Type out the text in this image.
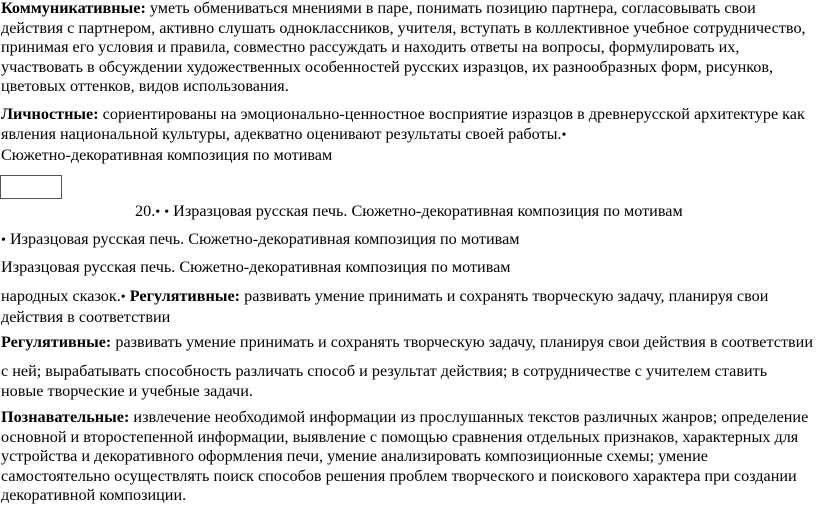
Коммуникативные: уметь обмениваться мнениями в паре, понимать позицию партнера, согласовывать свои действия с партнером, активно слушать одноклассников, учителя, вступать в коллективное учебное сотрудничество, принимая его условия и правила, совместно рассуждать и находить ответы на вопросы, формулировать их, участвовать в обсуждении художественных особенностей русских изразцов, их разнообразных форм, рисунков, цветовых оттенков, видов использования.

Личностные: сориентированы на эмоционально-ценностное восприятие изразцов в древнерусской архитектуре как явления национальной культуры, адекватно оценивают результаты своей работы.•

Сюжетно-декоративная композиция по мотивам

20.• • Изразцовая русская печь. Сюжетно-декоративная композиция по мотивам

• Изразцовая русская печь. Сюжетно-декоративная композиция по мотивам

Изразцовая русская печь. Сюжетно-декоративная композиция по мотивам

народных сказок.• Регулятивные: развивать умение принимать и сохранять творческую задачу, планируя свои действия в соответствии

Регулятивные: развивать умение принимать и сохранять творческую задачу, планируя свои действия в соответствии

с ней; вырабатывать способность различать способ и результат действия; в сотрудничестве с учителем ставить новые творческие и учебные задачи.

Познавательные: извлечение необходимой информации из прослушанных текстов различных жанров; определение основной и второстепенной информации, выявление с помощью сравнения отдельных признаков, характерных для устройства и декоративного оформления печи, умение анализировать композиционные схемы; умение самостоятельно осуществлять поиск способов решения проблем творческого и поискового характера при создании декоративной композиции.
